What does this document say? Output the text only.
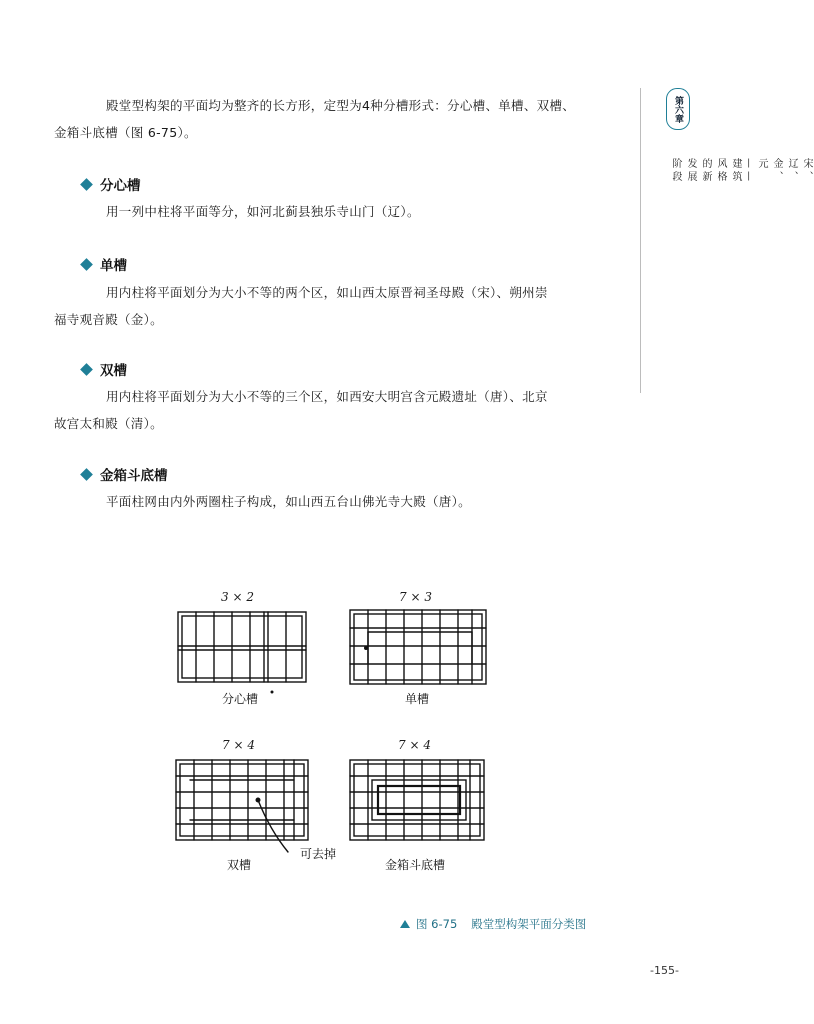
殿堂型构架的平面均为整齐的长方形，定型为4种分槽形式：分心槽、单槽、双槽、
金箱斗底槽（图 6-75）。

分心槽

用一列中柱将平面等分，如河北蓟县独乐寺山门（辽）。

单槽

用内柱将平面划分为大小不等的两个区，如山西太原晋祠圣母殿（宋）、朔州崇
福寺观音殿（金）。

双槽

用内柱将平面划分为大小不等的三个区，如西安大明宫含元殿遗址（唐）、北京
故宫太和殿（清）。

金箱斗底槽

平面柱网由内外两圈柱子构成，如山西五台山佛光寺大殿（唐）。

第六章
宋、辽、金、元——建筑风格的新发展阶段
3 × 2	7 × 3
7 × 4	7 × 4
分心槽	单槽
双槽	金箱斗底槽
可去掉
图 6-75 殿堂型构架平面分类图
-155-
